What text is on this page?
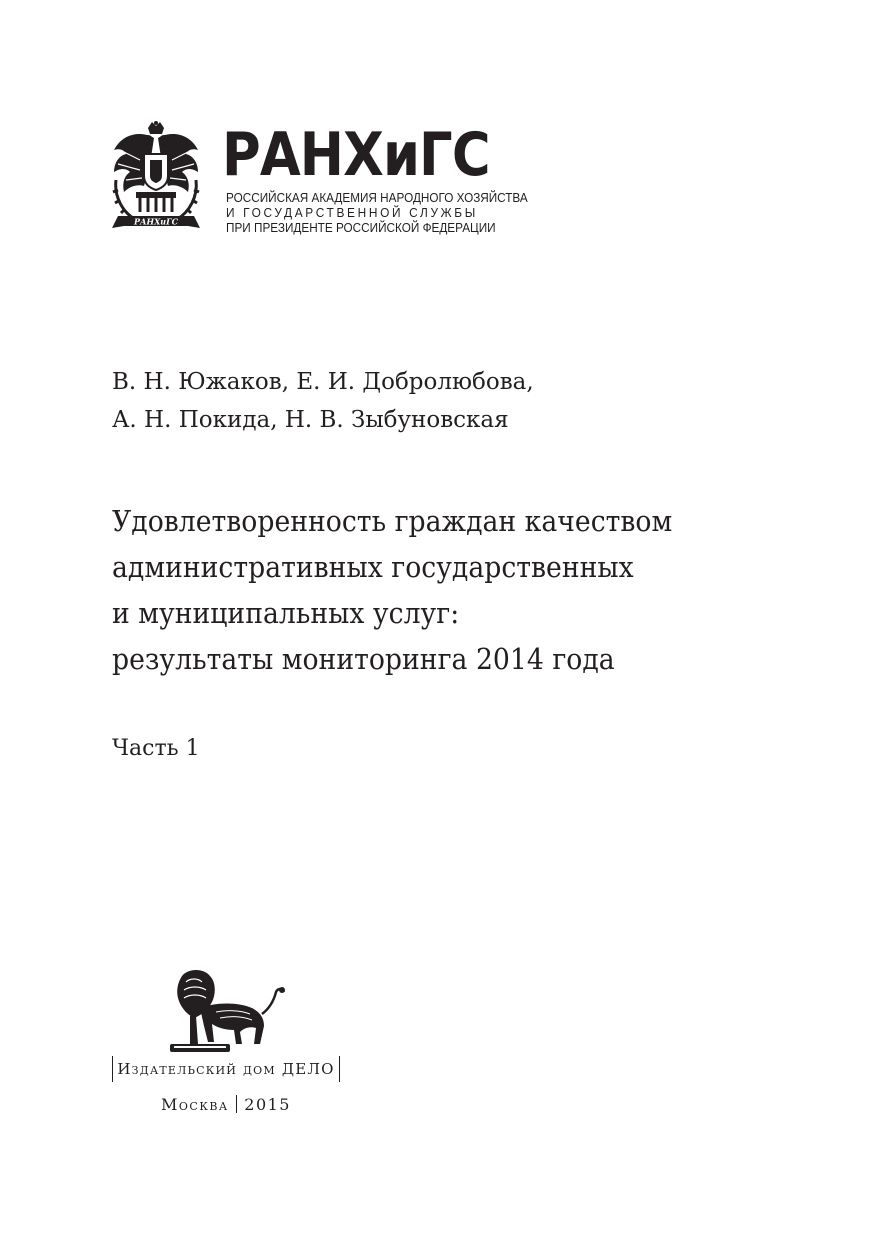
РАНХиГС
РАНХиГС
РОССИЙСКАЯ АКАДЕМИЯ НАРОДНОГО ХОЗЯЙСТВА
И ГОСУДАРСТВЕННОЙ СЛУЖБЫ
ПРИ ПРЕЗИДЕНТЕ РОССИЙСКОЙ ФЕДЕРАЦИИ
В. Н. Южаков, Е. И. Добролюбова,
А. Н. Покида, Н. В. Зыбуновская
Удовлетворенность граждан качеством
административных государственных
и муниципальных услуг:
результаты мониторинга 2014 года
Часть 1
Издательский дом ДЕЛО
Москва 2015
